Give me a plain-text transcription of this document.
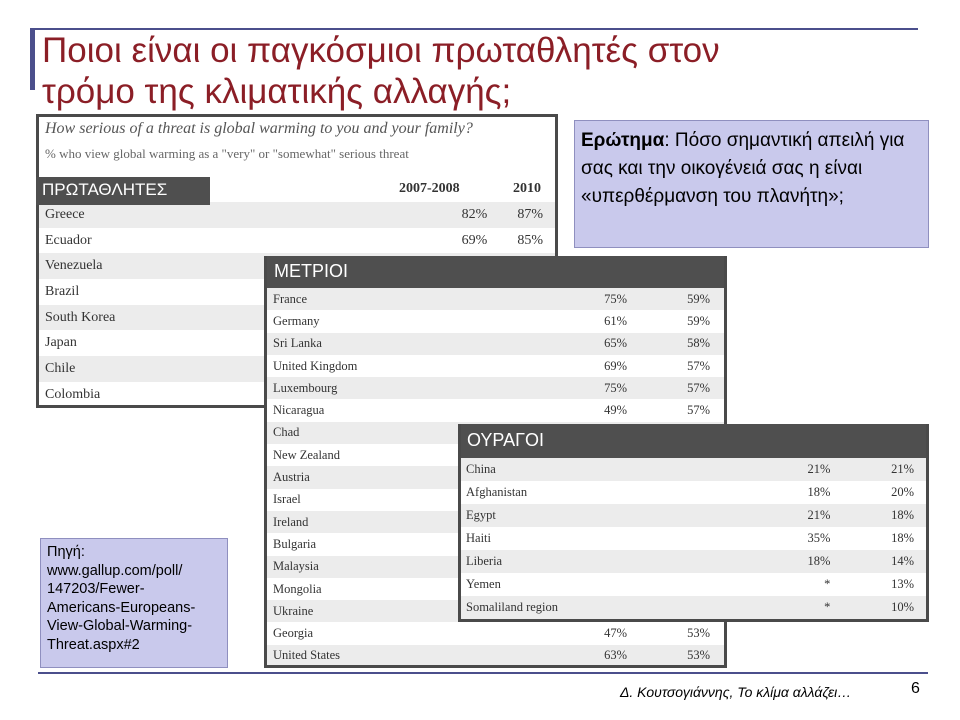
Ποιοι είναι οι παγκόσμιοι πρωταθλητές στον
τρόμο της κλιματικής αλλαγής;
How serious of a threat is global warming to you and your family?
% who view global warming as a "very" or "somewhat" serious threat
2007-2008	2010
Greece	82%	87%
Ecuador	69%	85%
Venezuela		
Brazil		
South Korea		
Japan		
Chile		
Colombia		
ΠΡΩΤΑΘΛΗΤΕΣ
Ερώτημα: Πόσο σημαντική απειλή για σας και την οικογένειά σας η είναι «υπερθέρμανση του πλανήτη»;
ΜΕΤΡΙΟΙ
France	75%	59%
Germany	61%	59%
Sri Lanka	65%	58%
United Kingdom	69%	57%
Luxembourg	75%	57%
Nicaragua	49%	57%
Chad		
New Zealand		
Austria		
Israel		
Ireland		
Bulgaria		
Malaysia		
Mongolia		
Ukraine		
Georgia	47%	53%
United States	63%	53%
ΟΥΡΑΓΟΙ
China	21%	21%
Afghanistan	18%	20%
Egypt	21%	18%
Haiti	35%	18%
Liberia	18%	14%
Yemen	*	13%
Somaliland region	*	10%
Πηγή:
www.gallup.com/poll/
147203/Fewer-
Americans-Europeans-
View-Global-Warming-
Threat.aspx#2
Δ. Κουτσογιάννης, Το κλίμα αλλάζει…	6
